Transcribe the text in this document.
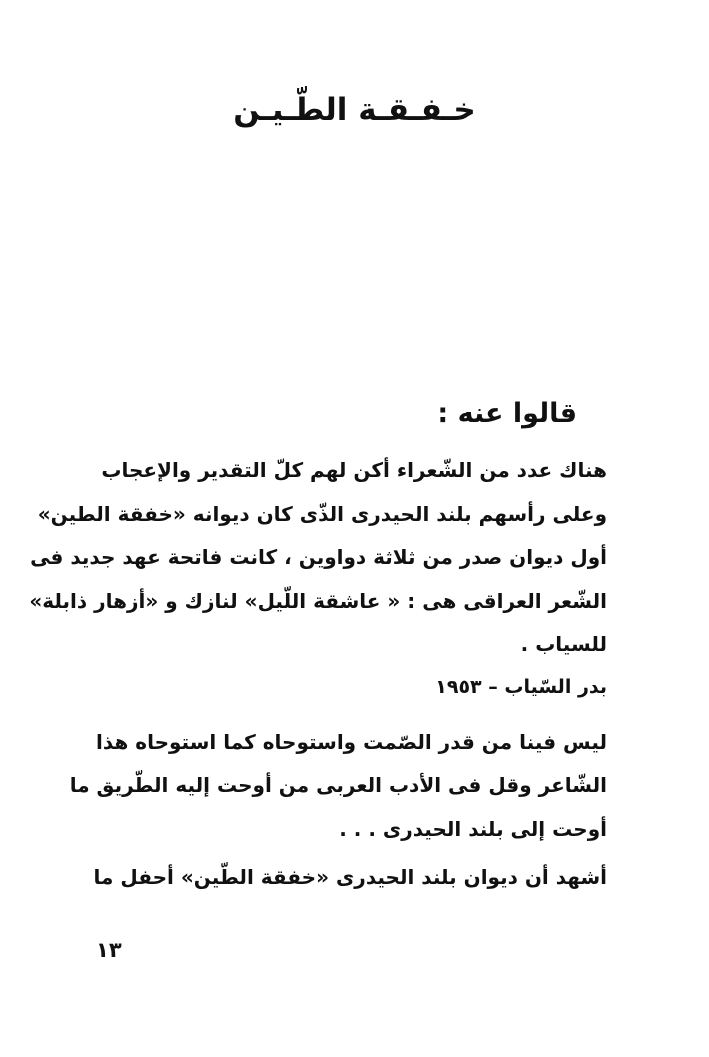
خـفـقـة الطّـيـن
قالوا عنه :
هناك عدد من الشّعراء أكن لهم كلّ التقدير والإعجاب
وعلى رأسهم بلند الحيدرى الذّى كان ديوانه «خفقة الطين»
أول ديوان صدر من ثلاثة دواوين ، كانت فاتحة عهد جديد فى
الشّعر العراقى هى : « عاشقة اللّيل» لنازك و «أزهار ذابلة»
للسياب .
بدر السّياب – ١٩٥٣
ليس فينا من قدر الصّمت واستوحاه كما استوحاه هذا
الشّاعر وقل فى الأدب العربى من أوحت إليه الطّريق ما
أوحت إلى بلند الحيدرى . . .
أشهد أن ديوان بلند الحيدرى «خفقة الطّين» أحفل ما
١٣
